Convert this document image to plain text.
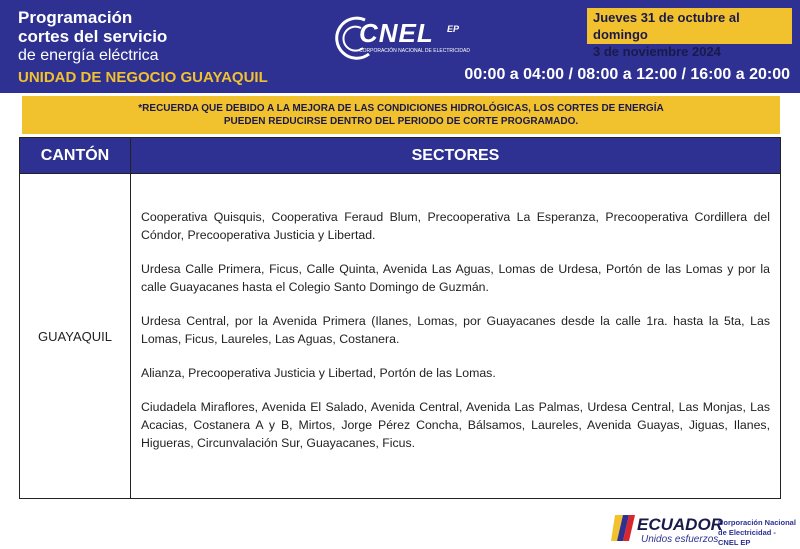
Programación
cortes del servicio
de energía eléctrica
UNIDAD DE NEGOCIO GUAYAQUIL
CNEL EP
CORPORACIÓN NACIONAL DE ELECTRICIDAD
Jueves 31 de octubre al domingo
3 de noviembre 2024
00:00 a 04:00 / 08:00 a 12:00 / 16:00 a 20:00
*RECUERDA QUE DEBIDO A LA MEJORA DE LAS CONDICIONES HIDROLÓGICAS, LOS CORTES DE ENERGÍA
PUEDEN REDUCIRSE DENTRO DEL PERIODO DE CORTE PROGRAMADO.
CANTÓN	SECTORES
GUAYAQUIL

Cooperativa Quisquis, Cooperativa Feraud Blum, Precooperativa La Esperanza, Precooperativa Cordillera del Cóndor, Precooperativa Justicia y Libertad.

Urdesa Calle Primera, Ficus, Calle Quinta, Avenida Las Aguas, Lomas de Urdesa, Portón de las Lomas y por la calle Guayacanes hasta el Colegio Santo Domingo de Guzmán.

Urdesa Central, por la Avenida Primera (Ilanes, Lomas, por Guayacanes desde la calle 1ra. hasta la 5ta, Las Lomas, Ficus, Laureles, Las Aguas, Costanera.

Alianza, Precooperativa Justicia y Libertad, Portón de las Lomas.

Ciudadela Miraflores, Avenida El Salado, Avenida Central, Avenida Las Palmas, Urdesa Central, Las Monjas, Las Acacias, Costanera A y B, Mirtos, Jorge Pérez Concha, Bálsamos, Laureles, Avenida Guayas, Jiguas, Ilanes, Higueras, Circunvalación Sur, Guayacanes, Ficus.

ECUADOR
Unidos esfuerzos
Corporación Nacional
de Electricidad - CNEL EP
